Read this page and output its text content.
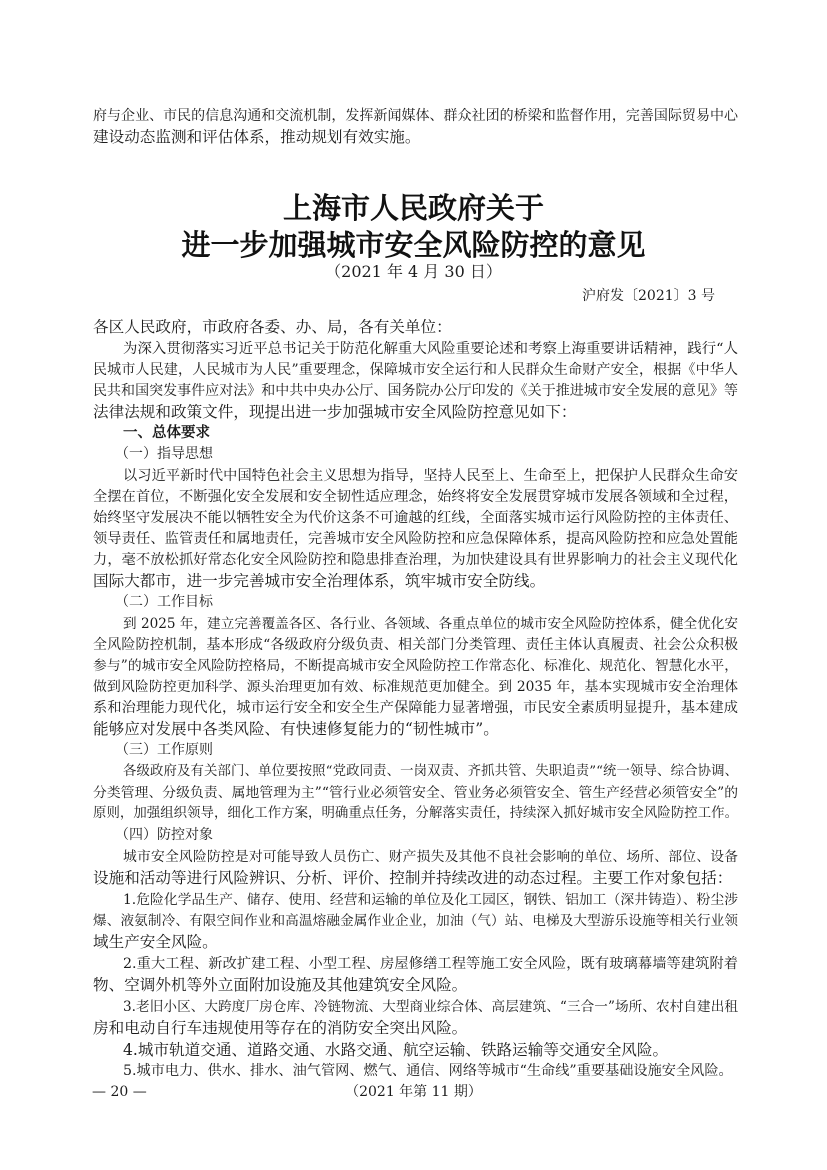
府与企业、市民的信息沟通和交流机制，发挥新闻媒体、群众社团的桥梁和监督作用，完善国际贸易中心
建设动态监测和评估体系，推动规划有效实施。
上海市人民政府关于
进一步加强城市安全风险防控的意见
（2021 年 4 月 30 日）
沪府发〔2021〕3 号
各区人民政府，市政府各委、办、局，各有关单位：
为深入贯彻落实习近平总书记关于防范化解重大风险重要论述和考察上海重要讲话精神，践行“人
民城市人民建，人民城市为人民”重要理念，保障城市安全运行和人民群众生命财产安全，根据《中华人
民共和国突发事件应对法》和中共中央办公厅、国务院办公厅印发的《关于推进城市安全发展的意见》等
法律法规和政策文件，现提出进一步加强城市安全风险防控意见如下：
一、总体要求
（一）指导思想
以习近平新时代中国特色社会主义思想为指导，坚持人民至上、生命至上，把保护人民群众生命安
全摆在首位，不断强化安全发展和安全韧性适应理念，始终将安全发展贯穿城市发展各领域和全过程，
始终坚守发展决不能以牺牲安全为代价这条不可逾越的红线，全面落实城市运行风险防控的主体责任、
领导责任、监管责任和属地责任，完善城市安全风险防控和应急保障体系，提高风险防控和应急处置能
力，毫不放松抓好常态化安全风险防控和隐患排查治理，为加快建设具有世界影响力的社会主义现代化
国际大都市，进一步完善城市安全治理体系，筑牢城市安全防线。
（二）工作目标
到 2025 年，建立完善覆盖各区、各行业、各领域、各重点单位的城市安全风险防控体系，健全优化安
全风险防控机制，基本形成“各级政府分级负责、相关部门分类管理、责任主体认真履责、社会公众积极
参与”的城市安全风险防控格局，不断提高城市安全风险防控工作常态化、标准化、规范化、智慧化水平，
做到风险防控更加科学、源头治理更加有效、标准规范更加健全。到 2035 年，基本实现城市安全治理体
系和治理能力现代化，城市运行安全和安全生产保障能力显著增强，市民安全素质明显提升，基本建成
能够应对发展中各类风险、有快速修复能力的“韧性城市”。
（三）工作原则
各级政府及有关部门、单位要按照“党政同责、一岗双责、齐抓共管、失职追责”“统一领导、综合协调、
分类管理、分级负责、属地管理为主”“管行业必须管安全、管业务必须管安全、管生产经营必须管安全”的
原则，加强组织领导，细化工作方案，明确重点任务，分解落实责任，持续深入抓好城市安全风险防控工作。
（四）防控对象
城市安全风险防控是对可能导致人员伤亡、财产损失及其他不良社会影响的单位、场所、部位、设备
设施和活动等进行风险辨识、分析、评价、控制并持续改进的动态过程。主要工作对象包括：
1.危险化学品生产、储存、使用、经营和运输的单位及化工园区，钢铁、铝加工（深井铸造）、粉尘涉
爆、液氨制冷、有限空间作业和高温熔融金属作业企业，加油（气）站、电梯及大型游乐设施等相关行业领
域生产安全风险。
2.重大工程、新改扩建工程、小型工程、房屋修缮工程等施工安全风险，既有玻璃幕墙等建筑附着
物、空调外机等外立面附加设施及其他建筑安全风险。
3.老旧小区、大跨度厂房仓库、冷链物流、大型商业综合体、高层建筑、“三合一”场所、农村自建出租
房和电动自行车违规使用等存在的消防安全突出风险。
4.城市轨道交通、道路交通、水路交通、航空运输、铁路运输等交通安全风险。
5.城市电力、供水、排水、油气管网、燃气、通信、网络等城市“生命线”重要基础设施安全风险。
— 20 —	（2021 年第 11 期）
